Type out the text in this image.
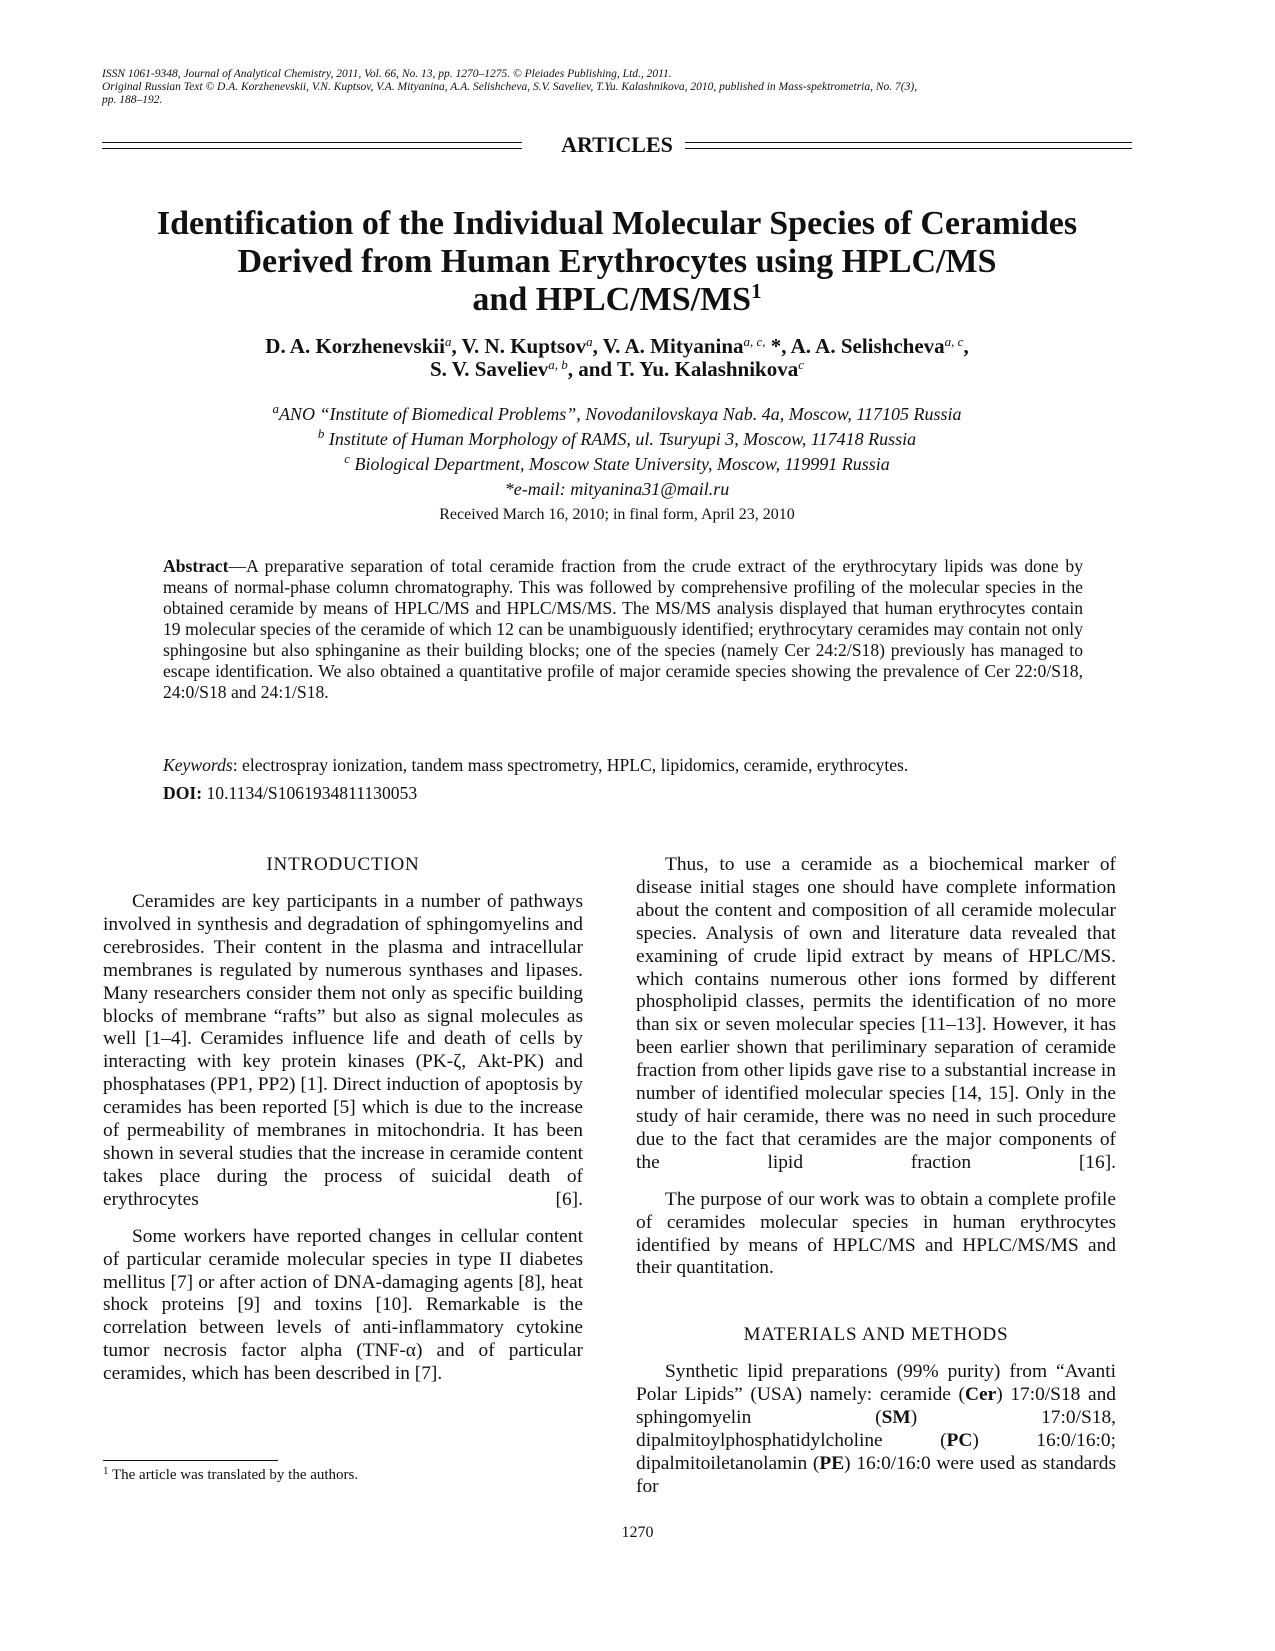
ISSN 1061-9348, Journal of Analytical Chemistry, 2011, Vol. 66, No. 13, pp. 1270–1275. © Pleiades Publishing, Ltd., 2011.
Original Russian Text © D.A. Korzhenevskii, V.N. Kuptsov, V.A. Mityanina, A.A. Selishcheva, S.V. Saveliev, T.Yu. Kalashnikova, 2010, published in Mass-spektrometria, No. 7(3),
pp. 188–192.
ARTICLES
Identification of the Individual Molecular Species of Ceramides
Derived from Human Erythrocytes using HPLC/MS
and HPLC/$MS/MS^1$
D. A. Korzhenevskii$^a$, V. N. Kuptsov$^a$, V. A. Mityanina$^{a, c,}$ *, A. A. Selishcheva$^{a, c}$,
S. V. Saveliev$^{a, b}$, and T. Yu. Kalashnikova$^c$
$^a$ANO “Institute of Biomedical Problems”, Novodanilovskaya Nab. 4a, Moscow, 117105 Russia
$^b$ Institute of Human Morphology of RAMS, ul. Tsuryupi 3, Moscow, 117418 Russia
$^c$ Biological Department, Moscow State University, Moscow, 119991 Russia
*e-mail: mityanina31@mail.ru
Received March 16, 2010; in final form, April 23, 2010

Abstract—A preparative separation of total ceramide fraction from the crude extract of the erythrocytary lipids was done by means of normal-phase column chromatography. This was followed by comprehensive profiling of the molecular species in the obtained ceramide by means of HPLC/MS and HPLC/MS/MS. The MS/MS analysis displayed that human erythrocytes contain 19 molecular species of the ceramide of which 12 can be unambiguously identified; erythrocytary ceramides may contain not only sphingosine but also sphinganine as their building blocks; one of the species (namely Cer 24:2/S18) previously has managed to escape identification. We also obtained a quantitative profile of major ceramide species showing the prevalence of Cer 22:0/S18, 24:0/S18 and 24:1/S18.

Keywords: electrospray ionization, tandem mass spectrometry, HPLC, lipidomics, ceramide, erythrocytes.

DOI: 10.1134/S1061934811130053

INTRODUCTION

Ceramides are key participants in a number of pathways involved in synthesis and degradation of sphingomyelins and cerebrosides. Their content in the plasma and intracellular membranes is regulated by numerous synthases and lipases. Many researchers consider them not only as specific building blocks of membrane “rafts” but also as signal molecules as well [1–4]. Ceramides influence life and death of cells by interacting with key protein kinases (PK-ζ, Akt-PK) and phosphatases (PP1, PP2) [1]. Direct induction of apoptosis by ceramides has been reported [5] which is due to the increase of permeability of membranes in mitochondria. It has been shown in several studies that the increase in ceramide content takes place during the process of suicidal death of erythrocytes [6].

Some workers have reported changes in cellular content of particular ceramide molecular species in type II diabetes mellitus [7] or after action of DNA-damaging agents [8], heat shock proteins [9] and toxins [10]. Remarkable is the correlation between levels of anti-inflammatory cytokine tumor necrosis factor alpha (TNF-α) and of particular ceramides, which has been described in [7].

Thus, to use a ceramide as a biochemical marker of disease initial stages one should have complete information about the content and composition of all ceramide molecular species. Analysis of own and literature data revealed that examining of crude lipid extract by means of HPLC/MS. which contains numerous other ions formed by different phospholipid classes, permits the identification of no more than six or seven molecular species [11–13]. However, it has been earlier shown that periliminary separation of ceramide fraction from other lipids gave rise to a substantial increase in number of identified molecular species [14, 15]. Only in the study of hair ceramide, there was no need in such procedure due to the fact that ceramides are the major components of the lipid fraction [16].

The purpose of our work was to obtain a complete profile of ceramides molecular species in human erythrocytes identified by means of HPLC/MS and HPLC/MS/MS and their quantitation.

MATERIALS AND METHODS

Synthetic lipid preparations (99% purity) from “Avanti Polar Lipids” (USA) namely: ceramide (Cer) 17:0/S18 and sphingomyelin (SM) 17:0/S18, dipalmitoylphosphatidylcholine (PC) 16:0/16:0; dipalmitoiletanolamin (PE) 16:0/16:0 were used as standards for

$^1$ The article was translated by the authors.
1270
